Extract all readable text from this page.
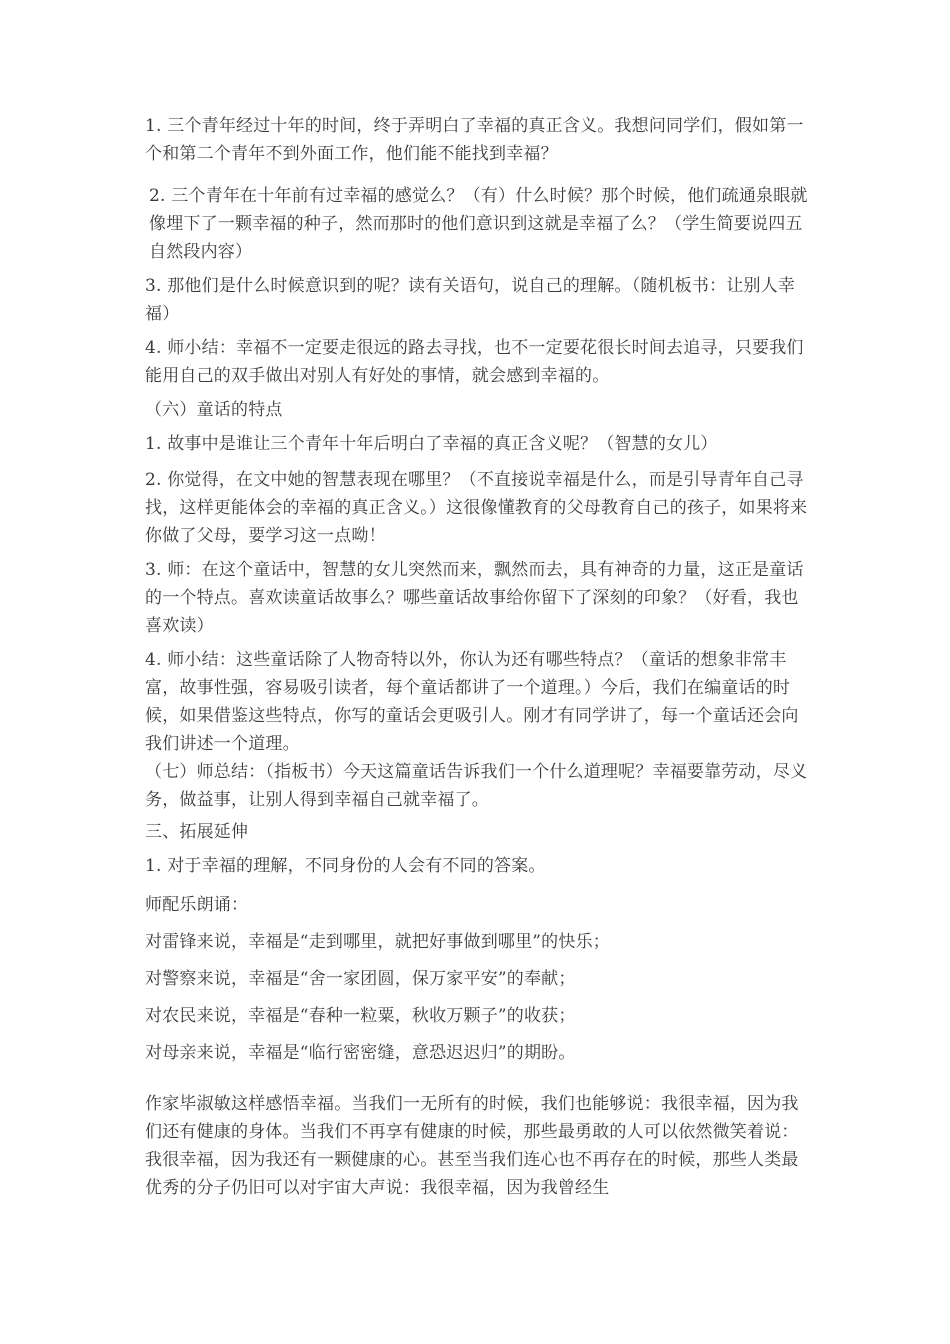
1. 三个青年经过十年的时间，终于弄明白了幸福的真正含义。我想问同学们，假如第一个和第二个青年不到外面工作，他们能不能找到幸福？

2. 三个青年在十年前有过幸福的感觉么？（有）什么时候？那个时候，他们疏通泉眼就像埋下了一颗幸福的种子，然而那时的他们意识到这就是幸福了么？（学生简要说四五自然段内容）

3. 那他们是什么时候意识到的呢？读有关语句，说自己的理解。（随机板书：让别人幸福）

4. 师小结：幸福不一定要走很远的路去寻找，也不一定要花很长时间去追寻，只要我们能用自己的双手做出对别人有好处的事情，就会感到幸福的。

（六）童话的特点

1. 故事中是谁让三个青年十年后明白了幸福的真正含义呢？（智慧的女儿）

2. 你觉得，在文中她的智慧表现在哪里？（不直接说幸福是什么，而是引导青年自己寻找，这样更能体会的幸福的真正含义。）这很像懂教育的父母教育自己的孩子，如果将来你做了父母，要学习这一点呦！

3. 师：在这个童话中，智慧的女儿突然而来，飘然而去，具有神奇的力量，这正是童话的一个特点。喜欢读童话故事么？哪些童话故事给你留下了深刻的印象？（好看，我也喜欢读）

4. 师小结：这些童话除了人物奇特以外，你认为还有哪些特点？（童话的想象非常丰富，故事性强，容易吸引读者，每个童话都讲了一个道理。）今后，我们在编童话的时候，如果借鉴这些特点，你写的童话会更吸引人。刚才有同学讲了，每一个童话还会向我们讲述一个道理。

（七）师总结：（指板书）今天这篇童话告诉我们一个什么道理呢？幸福要靠劳动，尽义务，做益事，让别人得到幸福自己就幸福了。

三、拓展延伸

1. 对于幸福的理解，不同身份的人会有不同的答案。

师配乐朗诵：

对雷锋来说，幸福是“走到哪里，就把好事做到哪里”的快乐；

对警察来说，幸福是“舍一家团圆，保万家平安”的奉献；

对农民来说，幸福是“春种一粒粟，秋收万颗子”的收获；

对母亲来说，幸福是“临行密密缝，意恐迟迟归”的期盼。

作家毕淑敏这样感悟幸福。当我们一无所有的时候，我们也能够说：我很幸福，因为我们还有健康的身体。当我们不再享有健康的时候，那些最勇敢的人可以依然微笑着说：我很幸福，因为我还有一颗健康的心。甚至当我们连心也不再存在的时候，那些人类最优秀的分子仍旧可以对宇宙大声说：我很幸福，因为我曾经生
